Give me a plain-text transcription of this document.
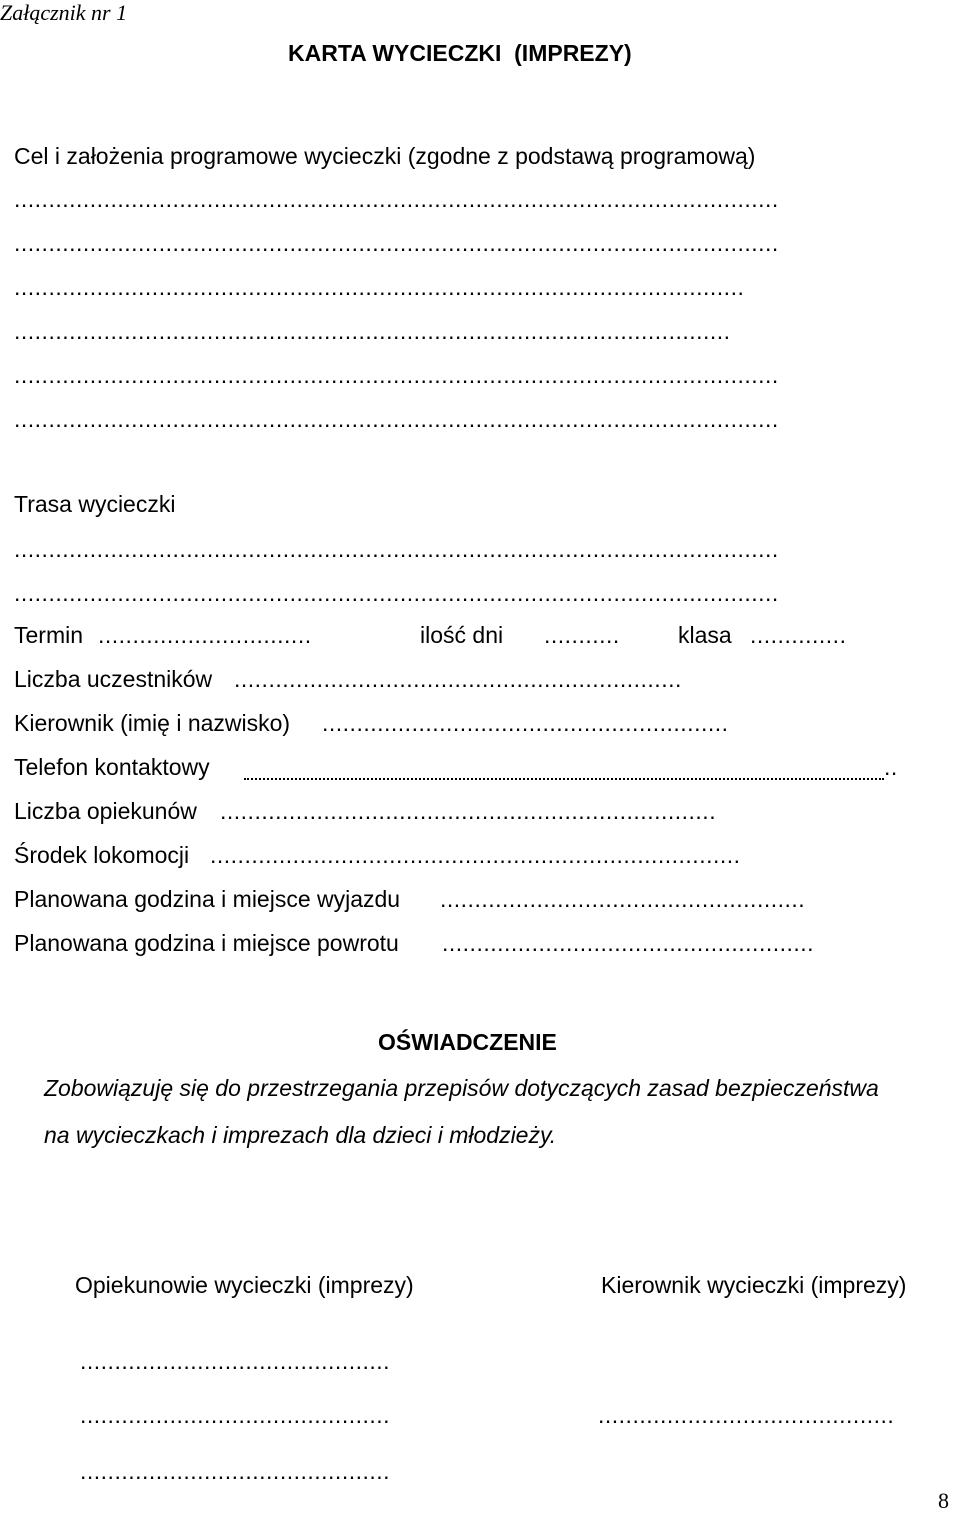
Załącznik nr 1
KARTA WYCIECZKI  (IMPREZY)
Cel i założenia programowe wycieczki (zgodne z podstawą programową)
...............................................................................................................
...............................................................................................................
..........................................................................................................
........................................................................................................
...............................................................................................................
...............................................................................................................
Trasa wycieczki
...............................................................................................................
...............................................................................................................
Termin ...............................	ilość dni ...........	klasa ..............
Liczba uczestników .................................................................
Kierownik (imię i nazwisko) ...........................................................
Telefon kontaktowy	..
Liczba opiekunów ........................................................................
Środek lokomocji .............................................................................
Planowana godzina i miejsce wyjazdu .....................................................
Planowana godzina i miejsce powrotu ......................................................
OŚWIADCZENIE
Zobowiązuję się do przestrzegania przepisów dotyczących zasad bezpieczeństwa
na wycieczkach i imprezach dla dzieci i młodzieży.
Opiekunowie wycieczki (imprezy)	Kierownik wycieczki (imprezy)
.............................................
.............................................	...........................................
.............................................
8
